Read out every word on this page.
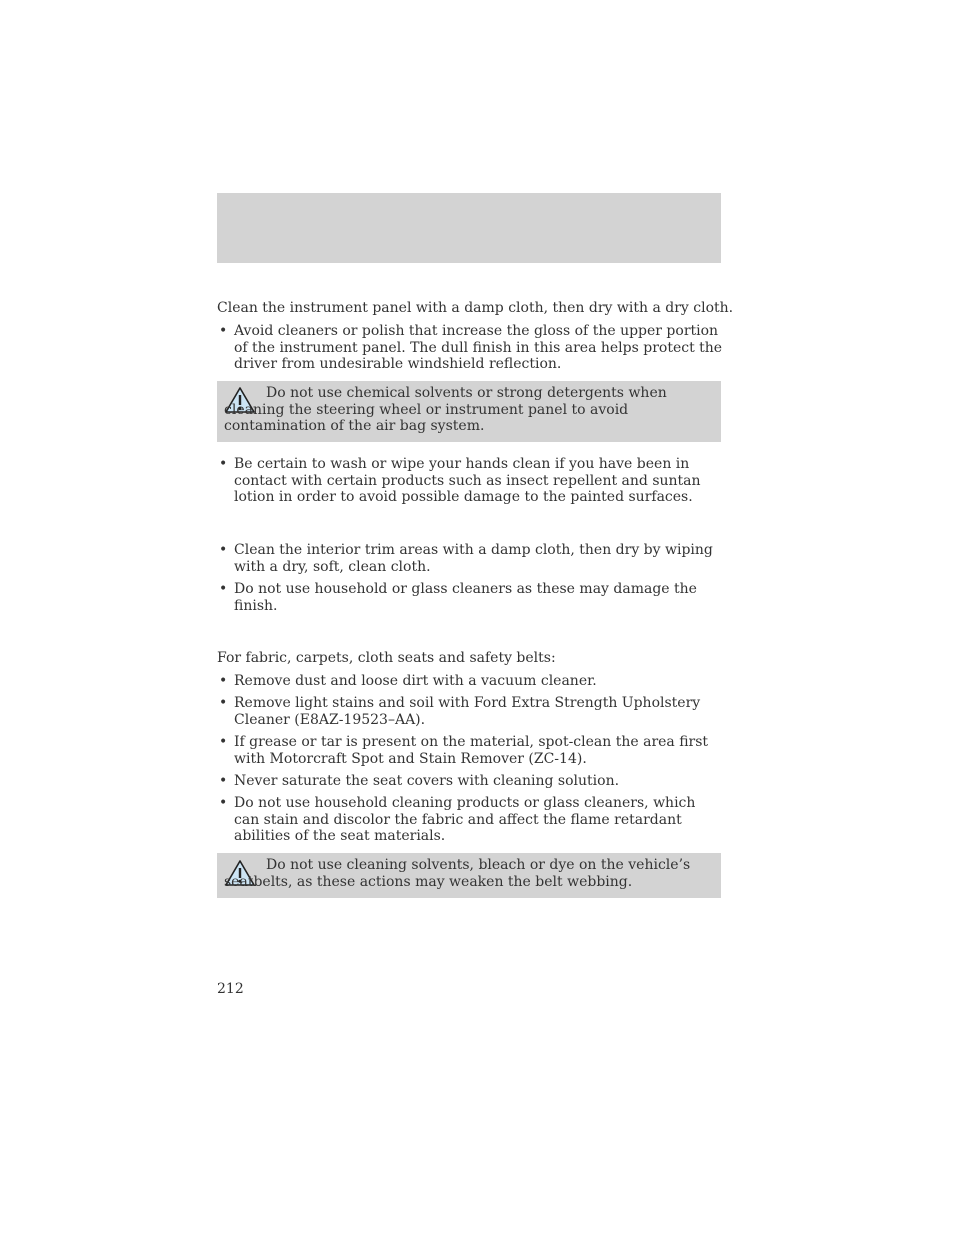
Clean the instrument panel with a damp cloth, then dry with a dry cloth.

• Avoid cleaners or polish that increase the gloss of the upper portion of the instrument panel. The dull finish in this area helps protect the driver from undesirable windshield reflection.
Do not use chemical solvents or strong detergents when cleaning the steering wheel or instrument panel to avoid contamination of the air bag system.
• Be certain to wash or wipe your hands clean if you have been in contact with certain products such as insect repellent and suntan lotion in order to avoid possible damage to the painted surfaces.
• Clean the interior trim areas with a damp cloth, then dry by wiping with a dry, soft, clean cloth.
• Do not use household or glass cleaners as these may damage the finish.

For fabric, carpets, cloth seats and safety belts:

• Remove dust and loose dirt with a vacuum cleaner.
• Remove light stains and soil with Ford Extra Strength Upholstery Cleaner (E8AZ-19523–AA).
• If grease or tar is present on the material, spot-clean the area first with Motorcraft Spot and Stain Remover (ZC-14).
• Never saturate the seat covers with cleaning solution.
• Do not use household cleaning products or glass cleaners, which can stain and discolor the fabric and affect the flame retardant abilities of the seat materials.
Do not use cleaning solvents, bleach or dye on the vehicle’s seatbelts, as these actions may weaken the belt webbing.
212
